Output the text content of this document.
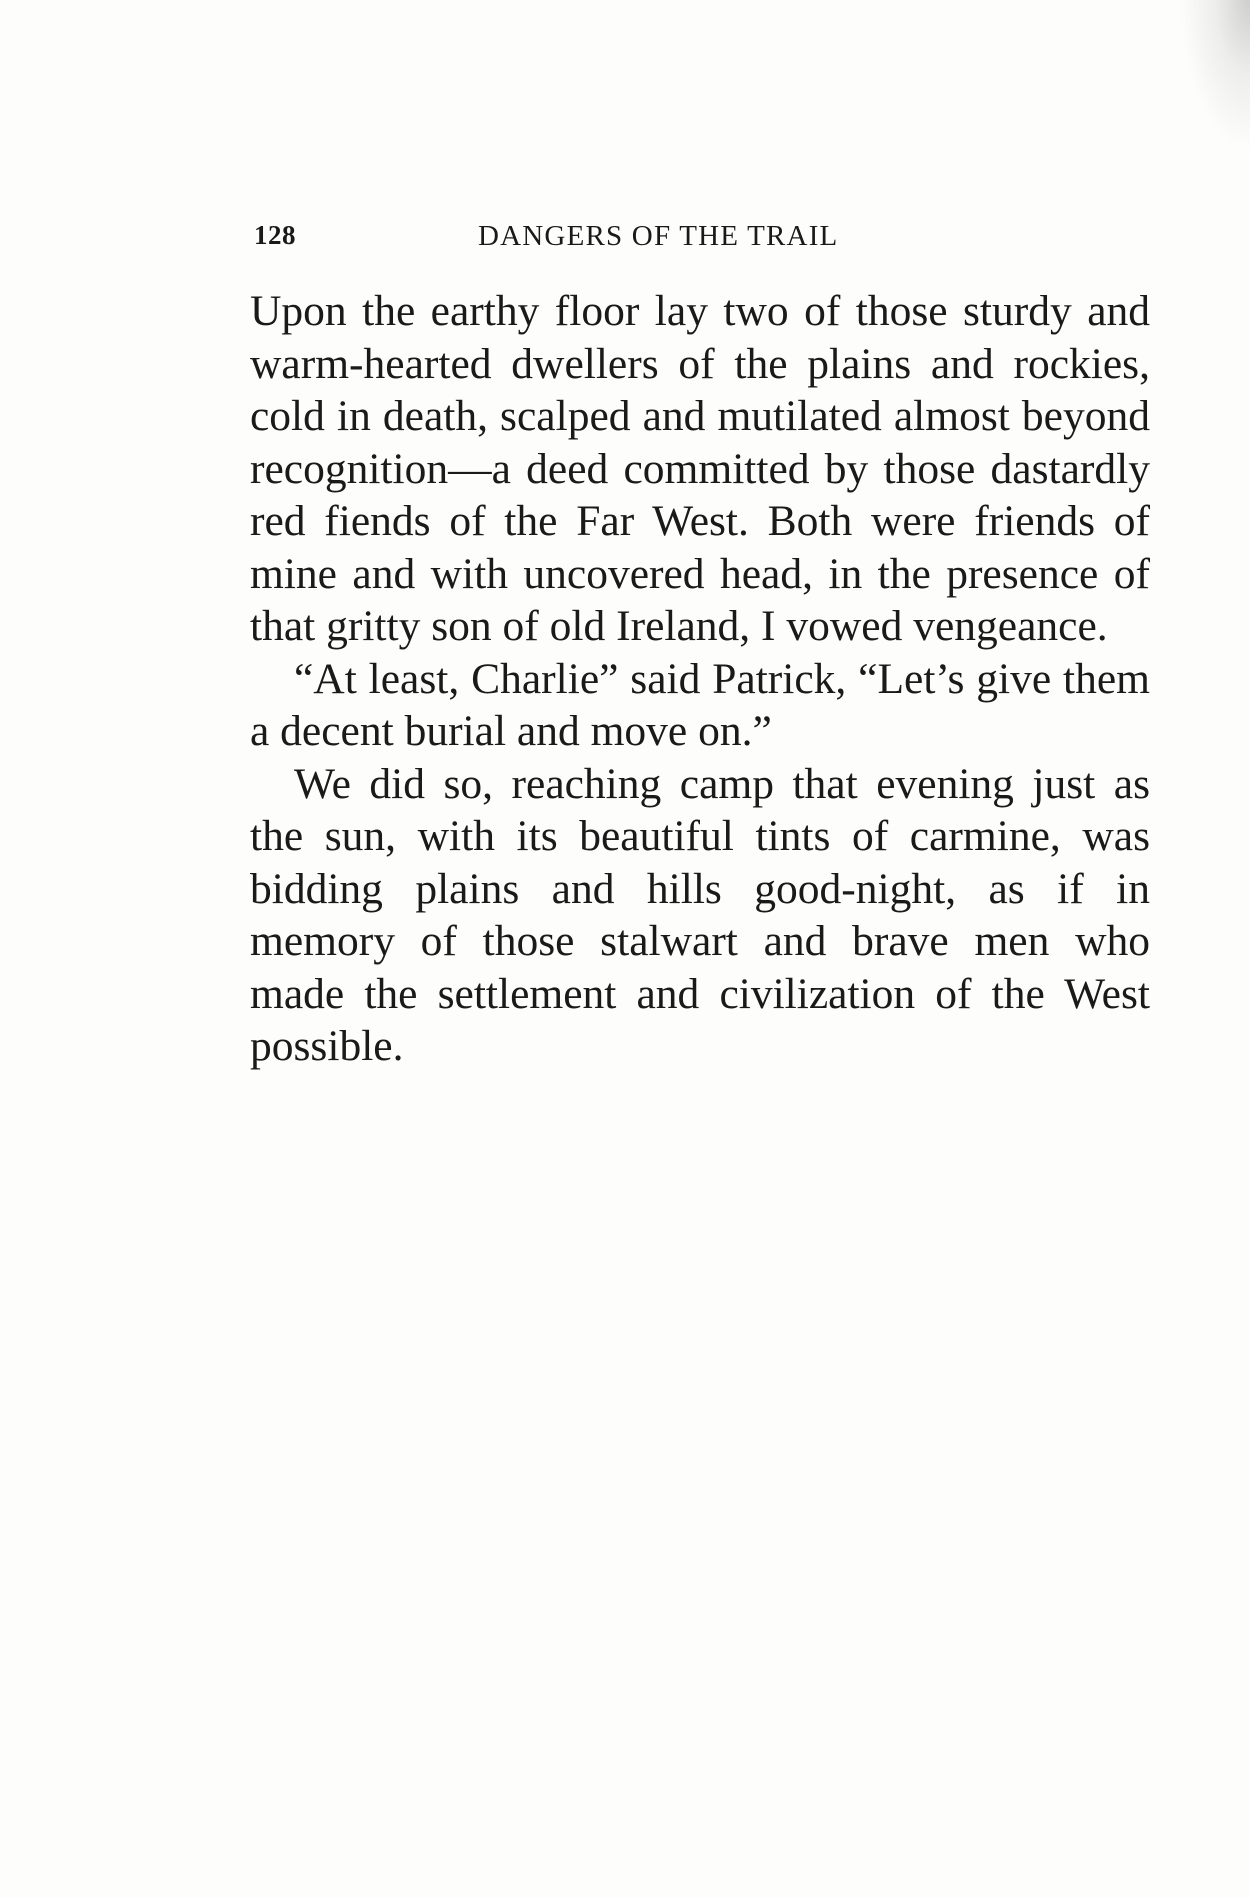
128	DANGERS OF THE TRAIL

Upon the earthy floor lay two of those sturdy and warm-hearted dwellers of the plains and rockies, cold in death, scalped and mutilated almost beyond recognition—a deed committed by those dastardly red fiends of the Far West. Both were friends of mine and with uncovered head, in the presence of that gritty son of old Ireland, I vowed vengeance.

“At least, Charlie” said Patrick, “Let’s give them a decent burial and move on.”

We did so, reaching camp that evening just as the sun, with its beautiful tints of carmine, was bidding plains and hills good-night, as if in memory of those stalwart and brave men who made the settlement and civilization of the West possible.
